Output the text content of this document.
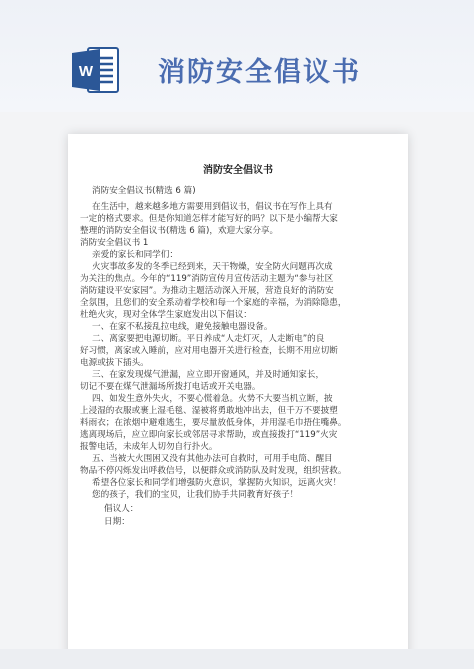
W 消防安全倡议书
消防安全倡议书
消防安全倡议书(精选 6 篇)
在生活中，越来越多地方需要用到倡议书，倡议书在写作上具有
一定的格式要求。但是你知道怎样才能写好的吗？以下是小编帮大家
整理的消防安全倡议书(精选 6 篇)，欢迎大家分享。
消防安全倡议书 1
亲爱的家长和同学们：
火灾事故多发的冬季已经到来，天干物燥，安全防火问题再次成
为关注的焦点。今年的“119”消防宣传月宣传活动主题为“参与社区
消防建设平安家园”。为推动主题活动深入开展，营造良好的消防安
全氛围，且您们的安全系动着学校和每一个家庭的幸福，为消除隐患，
杜绝火灾，现对全体学生家庭发出以下倡议：
一、在家不私接乱拉电线，避免接触电器设备。
二、离家要把电源切断。平日养成“人走灯灭，人走断电”的良
好习惯，离家或入睡前，应对用电器开关进行检查，长期不用应切断
电源或拔下插头。
三、在家发现煤气泄漏，应立即开窗通风，并及时通知家长，
切记不要在煤气泄漏场所拨打电话或开关电器。
四、如发生意外失火，不要心慌着急。火势不大要当机立断，披
上浸湿的衣服或裹上湿毛毯、湿被将勇敢地冲出去，但千万不要披塑
料雨衣；在浓烟中避难逃生，要尽量放低身体，并用湿毛巾捂住嘴鼻。
逃离现场后，应立即向家长或邻居寻求帮助，或直接拨打“119”火灾
报警电话，未成年人切勿自行扑火。
五、当被大火围困又没有其他办法可自救时，可用手电筒、醒目
物品不停闪烁发出呼救信号，以便群众或消防队及时发现，组织营救。
希望各位家长和同学们增强防火意识，掌握防火知识，远离火灾！
您的孩子，我们的宝贝，让我们协手共同教育好孩子！
倡议人：
日期：
